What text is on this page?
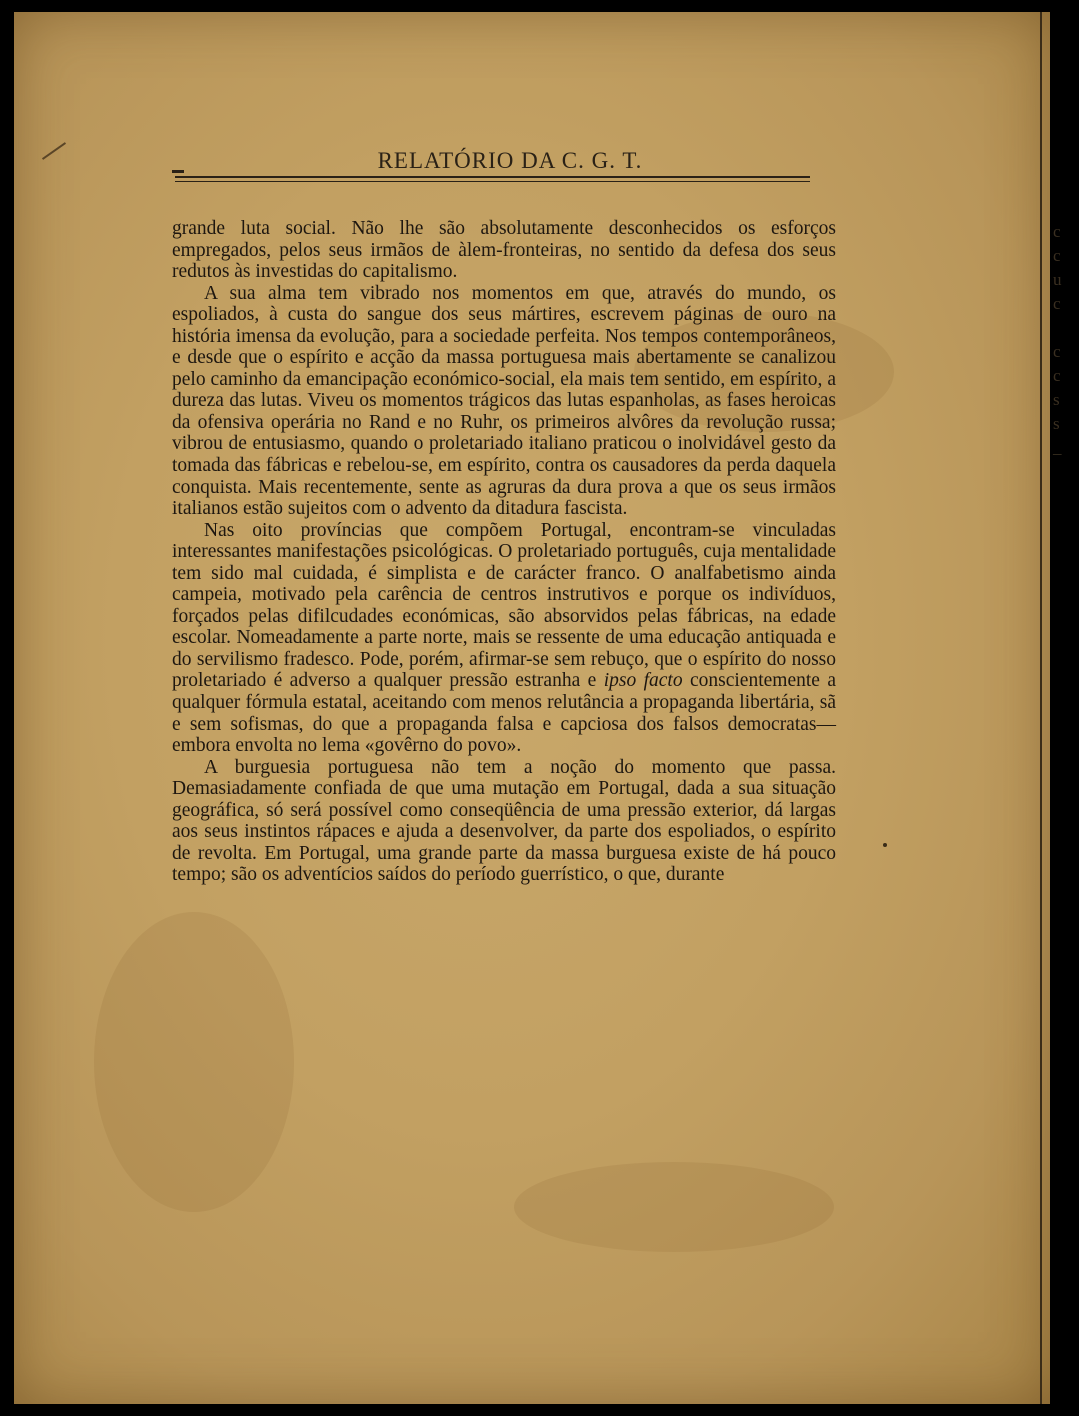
RELATÓRIO DA C. G. T.

grande luta social. Não lhe são absolutamente desconhecidos os esforços empregados, pelos seus irmãos de àlem-fronteiras, no sentido da defesa dos seus redutos às investidas do capitalismo.

A sua alma tem vibrado nos momentos em que, através do mundo, os espoliados, à custa do sangue dos seus mártires, escrevem páginas de ouro na história imensa da evolução, para a sociedade perfeita. Nos tempos contemporâneos, e desde que o espírito e acção da massa portuguesa mais abertamente se canalizou pelo caminho da emancipação económico-social, ela mais tem sentido, em espírito, a dureza das lutas. Viveu os momentos trágicos das lutas espanholas, as fases heroicas da ofensiva operária no Rand e no Ruhr, os primeiros alvôres da revolução russa; vibrou de entusiasmo, quando o proletariado italiano praticou o inolvidável gesto da tomada das fábricas e rebelou-se, em espírito, contra os causadores da perda daquela conquista. Mais recentemente, sente as agruras da dura prova a que os seus irmãos italianos estão sujeitos com o advento da ditadura fascista.

Nas oito províncias que compõem Portugal, encontram-se vinculadas interessantes manifestações psicológicas. O proletariado português, cuja mentalidade tem sido mal cuidada, é simplista e de carácter franco. O analfabetismo ainda campeia, motivado pela carência de centros instrutivos e porque os indivíduos, forçados pelas difilcudades económicas, são absorvidos pelas fábricas, na edade escolar. Nomeadamente a parte norte, mais se ressente de uma educação antiquada e do servilismo fradesco. Pode, porém, afirmar-se sem rebuço, que o espírito do nosso proletariado é adverso a qualquer pressão estranha e ipso facto conscientemente a qualquer fórmula estatal, aceitando com menos relutância a propaganda libertária, sã e sem sofismas, do que a propaganda falsa e capciosa dos falsos democratas—embora envolta no lema «govêrno do povo».

A burguesia portuguesa não tem a noção do momento que passa. Demasiadamente confiada de que uma mutação em Portugal, dada a sua situação geográfica, só será possível como conseqüência de uma pressão exterior, dá largas aos seus instintos rápaces e ajuda a desenvolver, da parte dos espoliados, o espírito de revolta. Em Portugal, uma grande parte da massa burguesa existe de há pouco tempo; são os adventícios saídos do período guerrístico, o que, durante

c
c
u
c
c
c
s
s
_
